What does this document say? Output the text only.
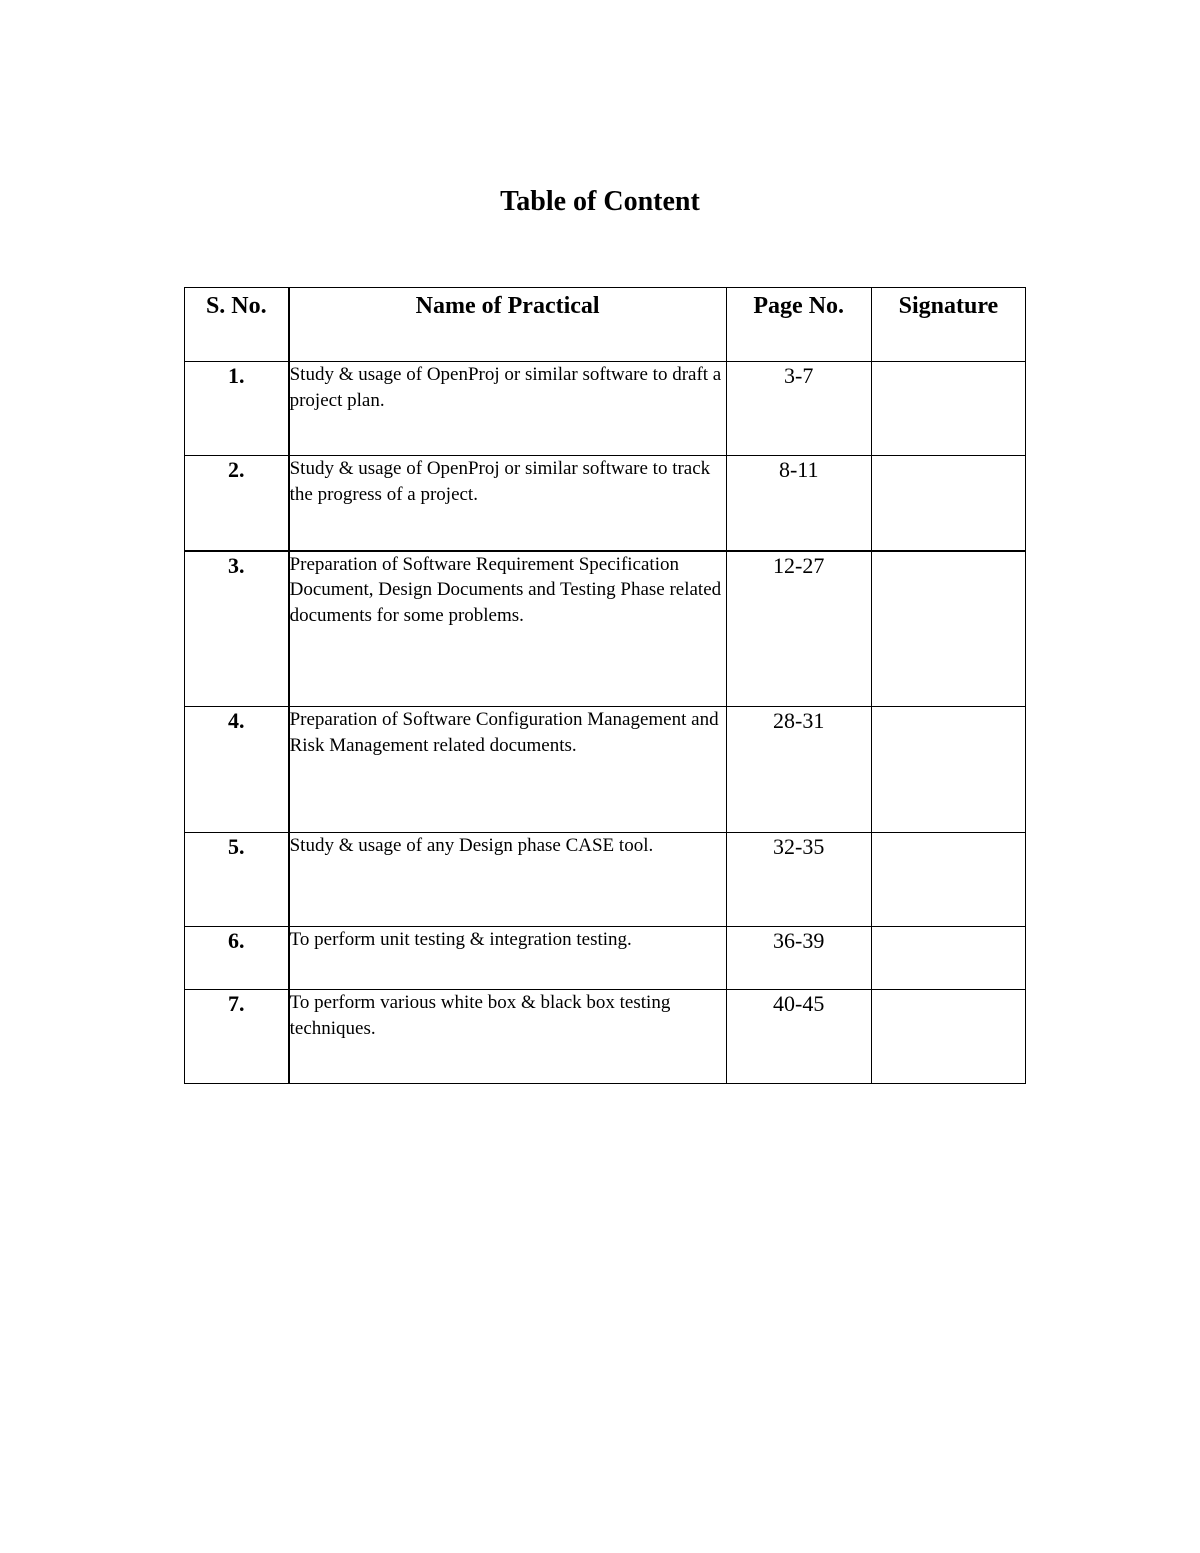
Table of Content
S. No.	Name of Practical	Page No.	Signature
1.	Study & usage of OpenProj or similar software to draft a project plan.	3-7	
2.	Study & usage of OpenProj or similar software to track the progress of a project.	8-11	
3.	Preparation of Software Requirement Specification Document, Design Documents and Testing Phase related documents for some problems.	12-27	
4.	Preparation of Software Configuration Management and Risk Management related documents.	28-31	
5.	Study & usage of any Design phase CASE tool.	32-35	
6.	To perform unit testing & integration testing.	36-39	
7.	To perform various white box & black box testing techniques.	40-45	
